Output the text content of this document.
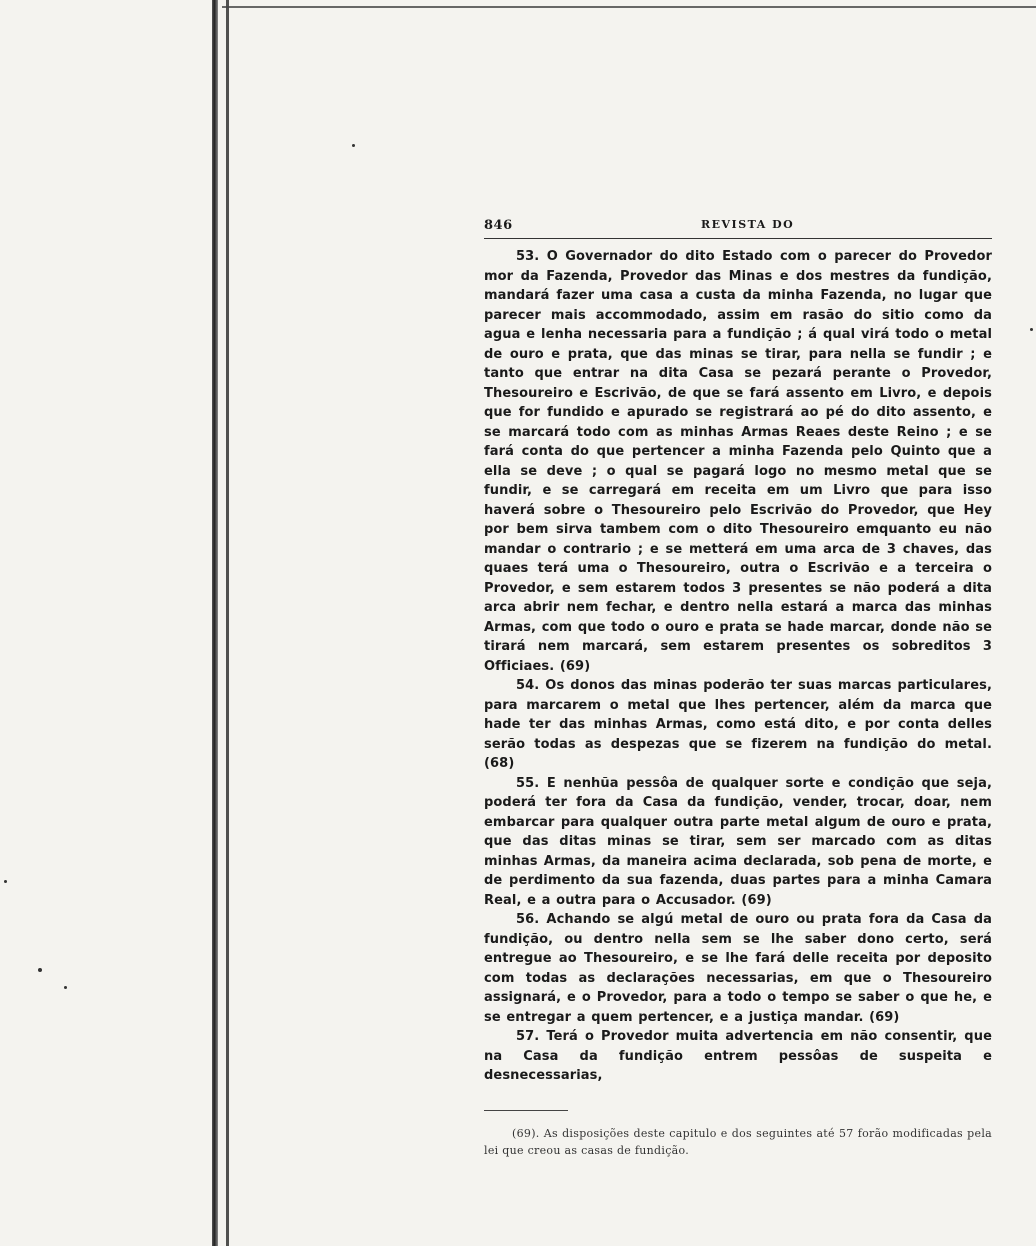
846	REVISTA DO

53. O Governador do dito Estado com o parecer do Provedor mor da Fazenda, Provedor das Minas e dos mestres da fundição, mandará fazer uma casa a custa da minha Fazenda, no lugar que parecer mais accommodado, assim em rasão do sitio como da agua e lenha necessaria para a fundição ; á qual virá todo o metal de ouro e prata, que das minas se tirar, para nella se fundir ; e tanto que entrar na dita Casa se pezará perante o Provedor, Thesoureiro e Escrivão, de que se fará assento em Livro, e depois que for fundido e apurado se registrará ao pé do dito assento, e se marcará todo com as minhas Armas Reaes deste Reino ; e se fará conta do que pertencer a minha Fazenda pelo Quinto que a ella se deve ; o qual se pagará logo no mesmo metal que se fundir, e se carregará em receita em um Livro que para isso haverá sobre o Thesoureiro pelo Escrivão do Provedor, que Hey por bem sirva tambem com o dito Thesoureiro emquanto eu não mandar o contrario ; e se metterá em uma arca de 3 chaves, das quaes terá uma o Thesoureiro, outra o Escrivão e a terceira o Provedor, e sem estarem todos 3 presentes se não poderá a dita arca abrir nem fechar, e dentro nella estará a marca das minhas Armas, com que todo o ouro e prata se hade marcar, donde não se tirará nem marcará, sem estarem presentes os sobreditos 3 Officiaes. (69)

54. Os donos das minas poderão ter suas marcas particulares, para marcarem o metal que lhes pertencer, além da marca que hade ter das minhas Armas, como está dito, e por conta delles serão todas as despezas que se fizerem na fundição do metal. (68)

55. E nenhũa pessôa de qualquer sorte e condição que seja, poderá ter fora da Casa da fundição, vender, trocar, doar, nem embarcar para qualquer outra parte metal algum de ouro e prata, que das ditas minas se tirar, sem ser marcado com as ditas minhas Armas, da maneira acima declarada, sob pena de morte, e de perdimento da sua fazenda, duas partes para a minha Camara Real, e a outra para o Accusador. (69)

56. Achando se algú metal de ouro ou prata fora da Casa da fundição, ou dentro nella sem se lhe saber dono certo, será entregue ao Thesoureiro, e se lhe fará delle receita por deposito com todas as declarações necessarias, em que o Thesoureiro assignará, e o Provedor, para a todo o tempo se saber o que he, e se entregar a quem pertencer, e a justiça mandar. (69)

57. Terá o Provedor muita advertencia em não consentir, que na Casa da fundição entrem pessôas de suspeita e desnecessarias,

(69). As disposições deste capitulo e dos seguintes até 57 forão modificadas pela lei que creou as casas de fundição.
